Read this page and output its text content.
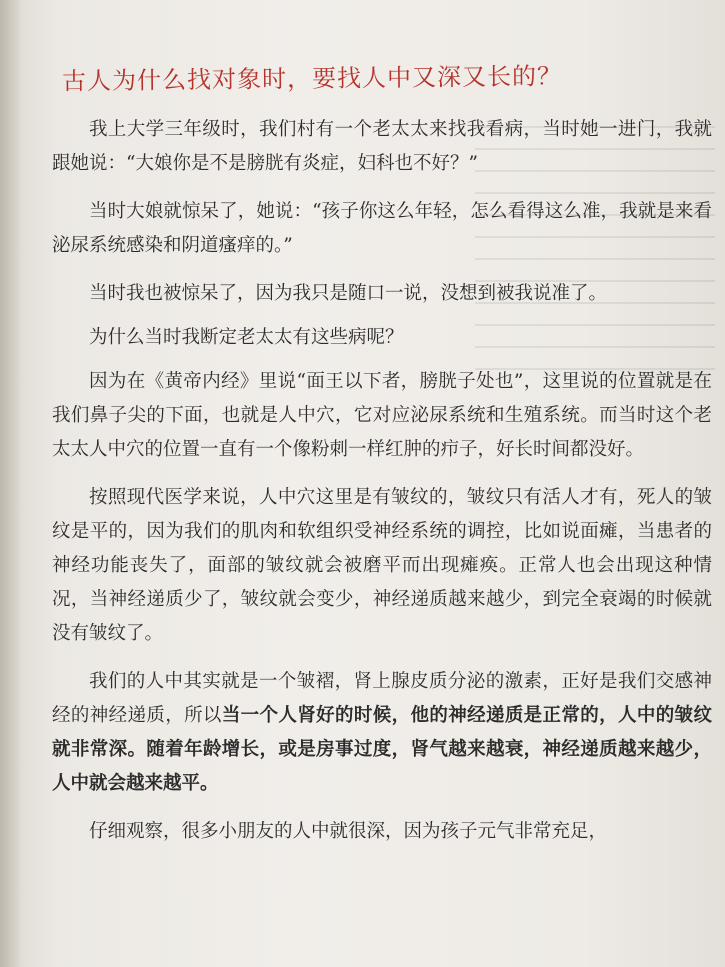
古人为什么找对象时，要找人中又深又长的？

我上大学三年级时，我们村有一个老太太来找我看病，当时她一进门，我就跟她说：“大娘你是不是膀胱有炎症，妇科也不好？”

当时大娘就惊呆了，她说：“孩子你这么年轻，怎么看得这么准，我就是来看泌尿系统感染和阴道瘙痒的。”

当时我也被惊呆了，因为我只是随口一说，没想到被我说准了。

为什么当时我断定老太太有这些病呢？

因为在《黄帝内经》里说“面王以下者，膀胱子处也”，这里说的位置就是在我们鼻子尖的下面，也就是人中穴，它对应泌尿系统和生殖系统。而当时这个老太太人中穴的位置一直有一个像粉刺一样红肿的疖子，好长时间都没好。

按照现代医学来说，人中穴这里是有皱纹的，皱纹只有活人才有，死人的皱纹是平的，因为我们的肌肉和软组织受神经系统的调控，比如说面瘫，当患者的神经功能丧失了，面部的皱纹就会被磨平而出现瘫痪。正常人也会出现这种情况，当神经递质少了，皱纹就会变少，神经递质越来越少，到完全衰竭的时候就没有皱纹了。

我们的人中其实就是一个皱褶，肾上腺皮质分泌的激素，正好是我们交感神经的神经递质，所以当一个人肾好的时候，他的神经递质是正常的，人中的皱纹就非常深。随着年龄增长，或是房事过度，肾气越来越衰，神经递质越来越少，人中就会越来越平。

仔细观察，很多小朋友的人中就很深，因为孩子元气非常充足，
